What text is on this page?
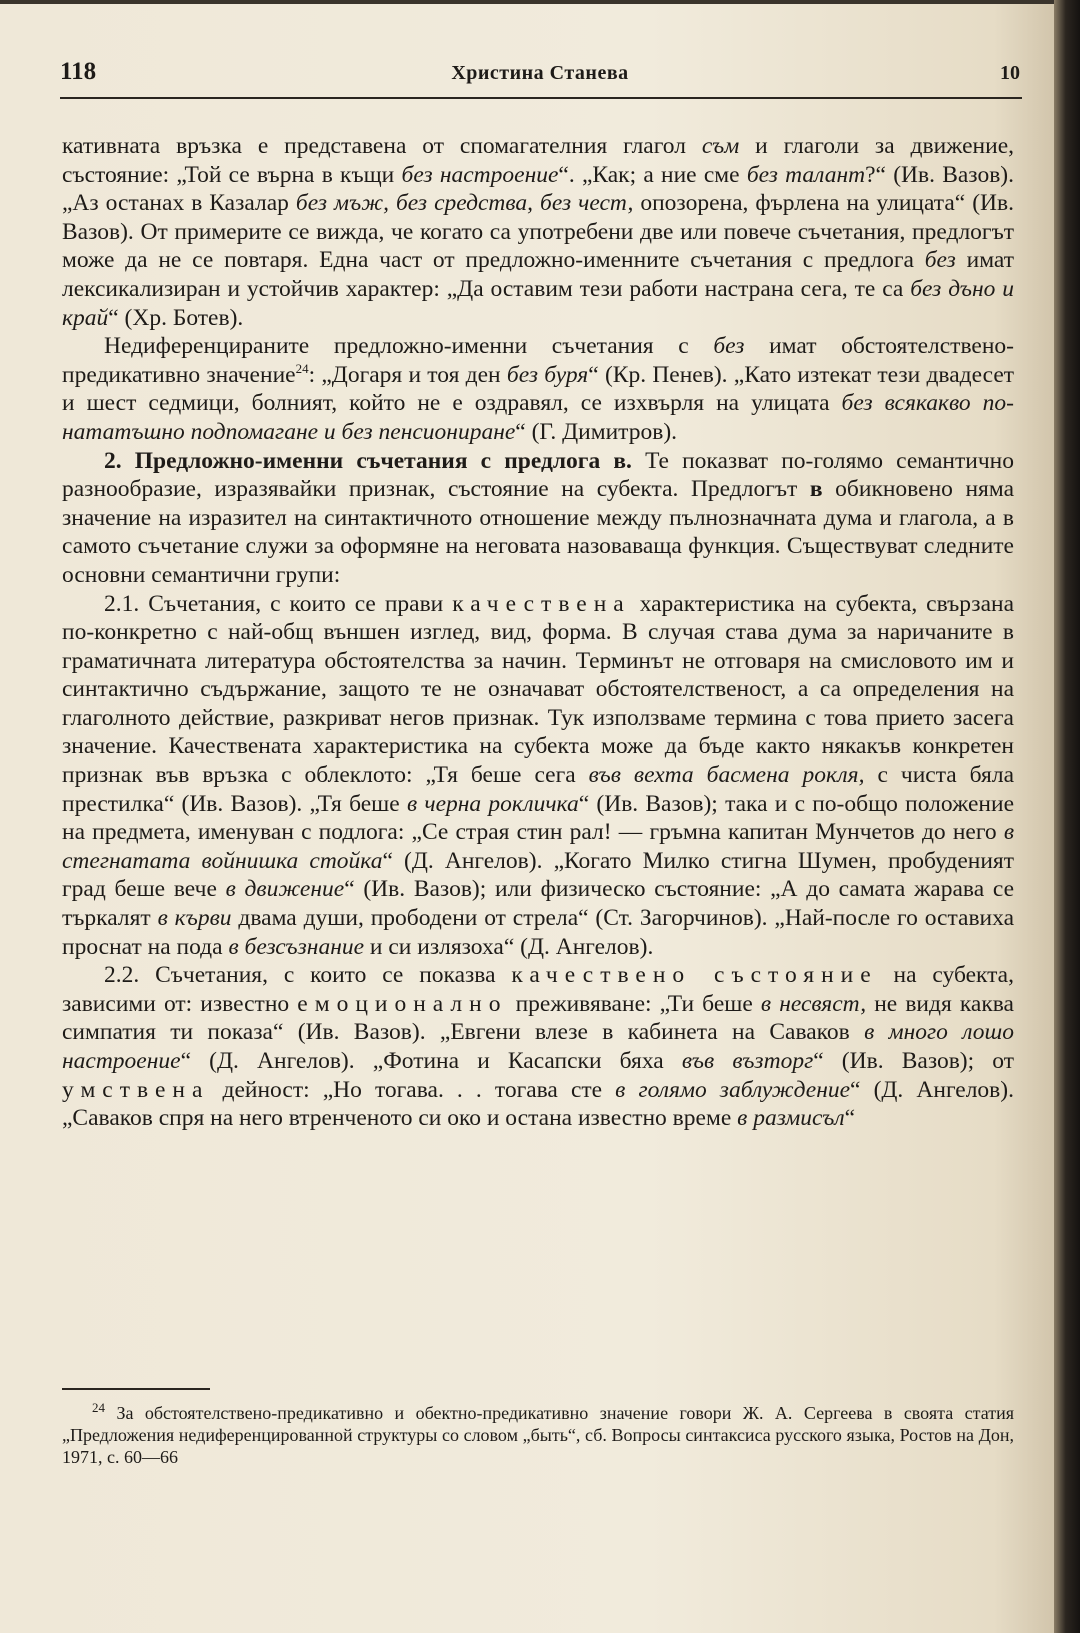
118	Христина Станева	10

кативната връзка е представена от спомагателния глагол съм и глаголи за движение, състояние: „Той се върна в къщи без настроение“. „Как; а ние сме без талант?“ (Ив. Вазов). „Аз останах в Казалар без мъж, без средства, без чест, опозорена, фърлена на улицата“ (Ив. Вазов). От примерите се вижда, че когато са употребени две или повече съчетания, предлогът може да не се повтаря. Една част от предложно-именните съчетания с предлога без имат лексикализиран и устойчив характер: „Да оставим тези работи настрана сега, те са без дъно и край“ (Хр. Ботев).

Недиференцираните предложно-именни съчетания с без имат обстоятелствено-предикативно значение$^{24}$: „Догаря и тоя ден без буря“ (Кр. Пенев). „Като изтекат тези двадесет и шест седмици, болният, който не е оздравял, се изхвърля на улицата без всякакво по-нататъшно подпомагане и без пенсиониране“ (Г. Димитров).

2. Предложно-именни съчетания с предлога в. Те показват по-голямо семантично разнообразие, изразявайки признак, състояние на субекта. Предлогът в обикновено няма значение на изразител на синтактичното отношение между пълнозначната дума и глагола, а в самото съчетание служи за оформяне на неговата назоваваща функция. Съществуват следните основни семантични групи:

2.1. Съчетания, с които се прави качествена характеристика на субекта, свързана по-конкретно с най-общ външен изглед, вид, форма. В случая става дума за наричаните в граматичната литература обстоятелства за начин. Терминът не отговаря на смисловото им и синтактично съдържание, защото те не означават обстоятелственост, а са определения на глаголното действие, разкриват негов признак. Тук използваме термина с това прието засега значение. Качествената характеристика на субекта може да бъде както някакъв конкретен признак във връзка с облеклото: „Тя беше сега във вехта басмена рокля, с чиста бяла престилка“ (Ив. Вазов). „Тя беше в черна рокличка“ (Ив. Вазов); така и с по-общо положение на предмета, именуван с подлога: „Се страя стин рал! — гръмна капитан Мунчетов до него в стегнатата войнишка стойка“ (Д. Ангелов). „Когато Милко стигна Шумен, пробуденият град беше вече в движение“ (Ив. Вазов); или физическо състояние: „А до самата жарава се търкалят в кърви двама души, прободени от стрела“ (Ст. Загорчинов). „Най-после го оставиха проснат на пода в безсъзнание и си излязоха“ (Д. Ангелов).

2.2. Съчетания, с които се показва качествено състояние на субекта, зависими от: известно емоционално преживяване: „Ти беше в несвяст, не видя каква симпатия ти показа“ (Ив. Вазов). „Евгени влезе в кабинета на Саваков в много лошо настроение“ (Д. Ангелов). „Фотина и Касапски бяха във възторг“ (Ив. Вазов); от умствена дейност: „Но тогава. . . тогава сте в голямо заблуждение“ (Д. Ангелов). „Саваков спря на него втренченото си око и остана известно време в размисъл“

$^{24}$ За обстоятелствено-предикативно и обектно-предикативно значение говори Ж. А. Сергеева в своята статия „Предложения недиференцированной структуры со словом „быть“, сб. Вопросы синтаксиса русского языка, Ростов на Дон, 1971, с. 60—66
